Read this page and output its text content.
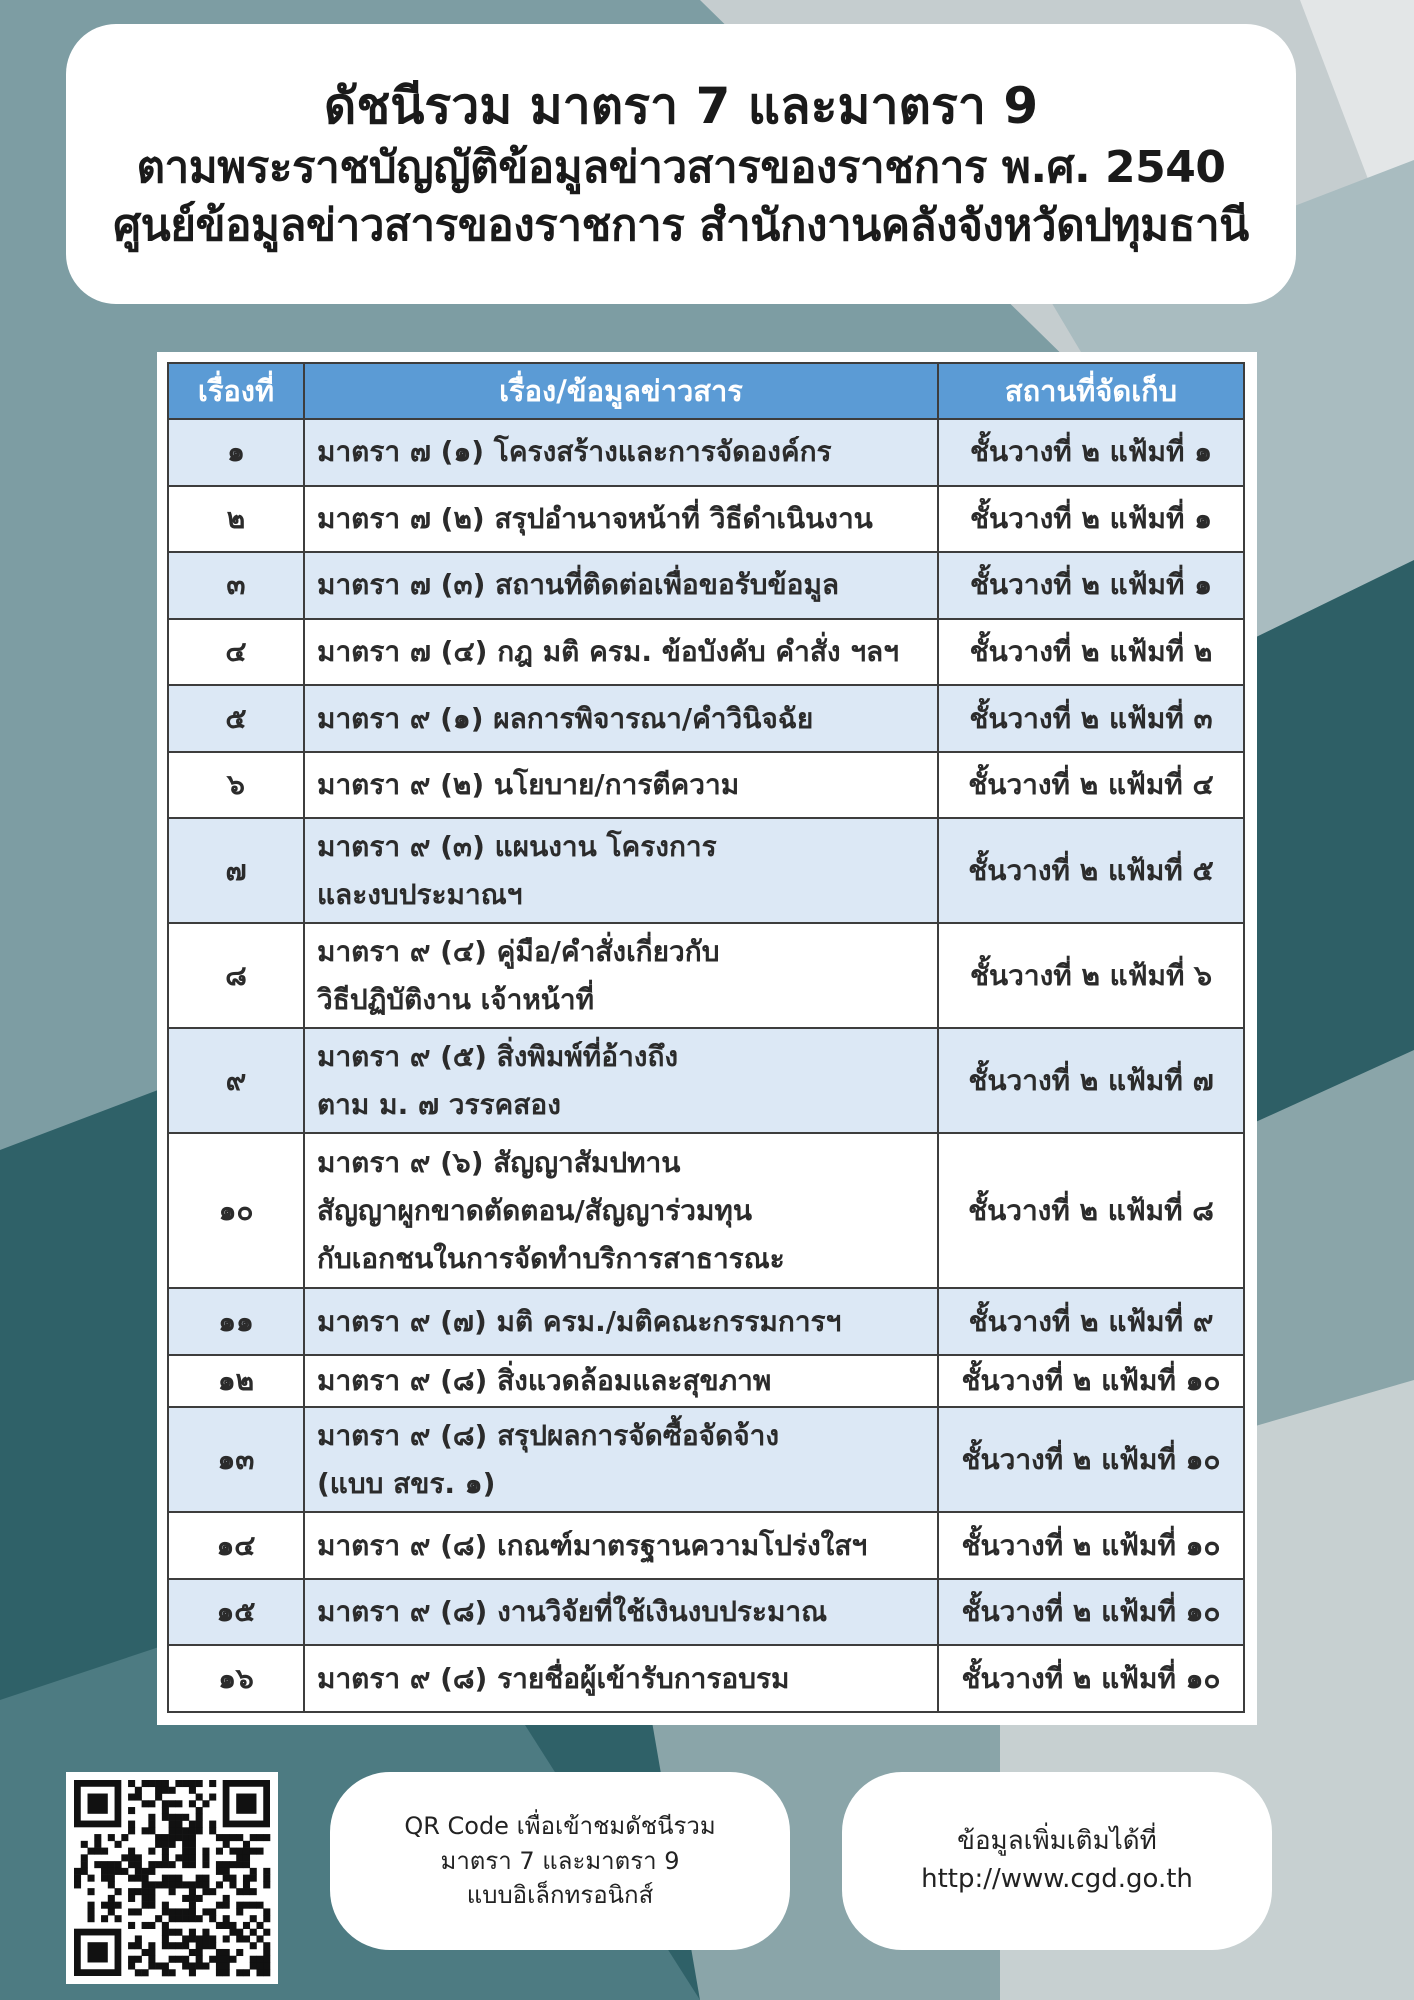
ดัชนีรวม มาตรา 7 และมาตรา 9
ตามพระราชบัญญัติข้อมูลข่าวสารของราชการ พ.ศ. 2540
ศูนย์ข้อมูลข่าวสารของราชการ สำนักงานคลังจังหวัดปทุมธานี
เรื่องที่	เรื่อง/ข้อมูลข่าวสาร	สถานที่จัดเก็บ
๑	มาตรา ๗ (๑) โครงสร้างและการจัดองค์กร	ชั้นวางที่ ๒ แฟ้มที่ ๑
๒	มาตรา ๗ (๒) สรุปอำนาจหน้าที่ วิธีดำเนินงาน	ชั้นวางที่ ๒ แฟ้มที่ ๑
๓	มาตรา ๗ (๓) สถานที่ติดต่อเพื่อขอรับข้อมูล	ชั้นวางที่ ๒ แฟ้มที่ ๑
๔	มาตรา ๗ (๔) กฎ มติ ครม. ข้อบังคับ คำสั่ง ฯลฯ	ชั้นวางที่ ๒ แฟ้มที่ ๒
๕	มาตรา ๙ (๑) ผลการพิจารณา/คำวินิจฉัย	ชั้นวางที่ ๒ แฟ้มที่ ๓
๖	มาตรา ๙ (๒) นโยบาย/การตีความ	ชั้นวางที่ ๒ แฟ้มที่ ๔
๗	มาตรา ๙ (๓) แผนงาน โครงการ
และงบประมาณฯ	ชั้นวางที่ ๒ แฟ้มที่ ๕
๘	มาตรา ๙ (๔) คู่มือ/คำสั่งเกี่ยวกับ
วิธีปฏิบัติงาน เจ้าหน้าที่	ชั้นวางที่ ๒ แฟ้มที่ ๖
๙	มาตรา ๙ (๕) สิ่งพิมพ์ที่อ้างถึง
ตาม ม. ๗ วรรคสอง	ชั้นวางที่ ๒ แฟ้มที่ ๗
๑๐	มาตรา ๙ (๖) สัญญาสัมปทาน
สัญญาผูกขาดตัดตอน/สัญญาร่วมทุน
กับเอกชนในการจัดทำบริการสาธารณะ	ชั้นวางที่ ๒ แฟ้มที่ ๘
๑๑	มาตรา ๙ (๗) มติ ครม./มติคณะกรรมการฯ	ชั้นวางที่ ๒ แฟ้มที่ ๙
๑๒	มาตรา ๙ (๘) สิ่งแวดล้อมและสุขภาพ	ชั้นวางที่ ๒ แฟ้มที่ ๑๐
๑๓	มาตรา ๙ (๘) สรุปผลการจัดซื้อจัดจ้าง
(แบบ สขร. ๑)	ชั้นวางที่ ๒ แฟ้มที่ ๑๐
๑๔	มาตรา ๙ (๘) เกณฑ์มาตรฐานความโปร่งใสฯ	ชั้นวางที่ ๒ แฟ้มที่ ๑๐
๑๕	มาตรา ๙ (๘) งานวิจัยที่ใช้เงินงบประมาณ	ชั้นวางที่ ๒ แฟ้มที่ ๑๐
๑๖	มาตรา ๙ (๘) รายชื่อผู้เข้ารับการอบรม	ชั้นวางที่ ๒ แฟ้มที่ ๑๐
QR Code เพื่อเข้าชมดัชนีรวม
มาตรา 7 และมาตรา 9
แบบอิเล็กทรอนิกส์
ข้อมูลเพิ่มเติมได้ที่
http://www.cgd.go.th
